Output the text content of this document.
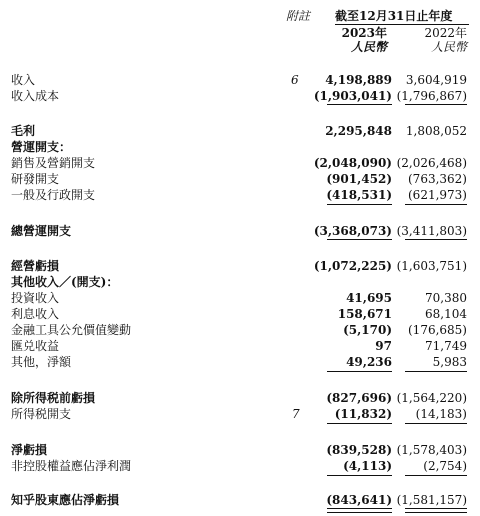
附註 截至12月31日止年度
2023年	2022年
人民幣	人民幣
收入	6	4,198,889	3,604,919
收入成本	(1,903,041) (1,796,867)
毛利	2,295,848	1,808,052
營運開支：
銷售及營銷開支	(2,048,090) (2,026,468)
研發開支	(901,452)	(763,362)
一般及行政開支	(418,531)	(621,973)
總營運開支	(3,368,073) (3,411,803)
經營虧損	(1,072,225) (1,603,751)
其他收入／(開支)：
投資收入	41,695	70,380
利息收入	158,671	68,104
金融工具公允價值變動	(5,170)	(176,685)
匯兑收益	97	71,749
其他，淨額	49,236	5,983
除所得税前虧損	(827,696) (1,564,220)
所得税開支	7	(11,832)	(14,183)
淨虧損	(839,528) (1,578,403)
非控股權益應佔淨利潤	(4,113)	(2,754)
知乎股東應佔淨虧損	(843,641) (1,581,157)
